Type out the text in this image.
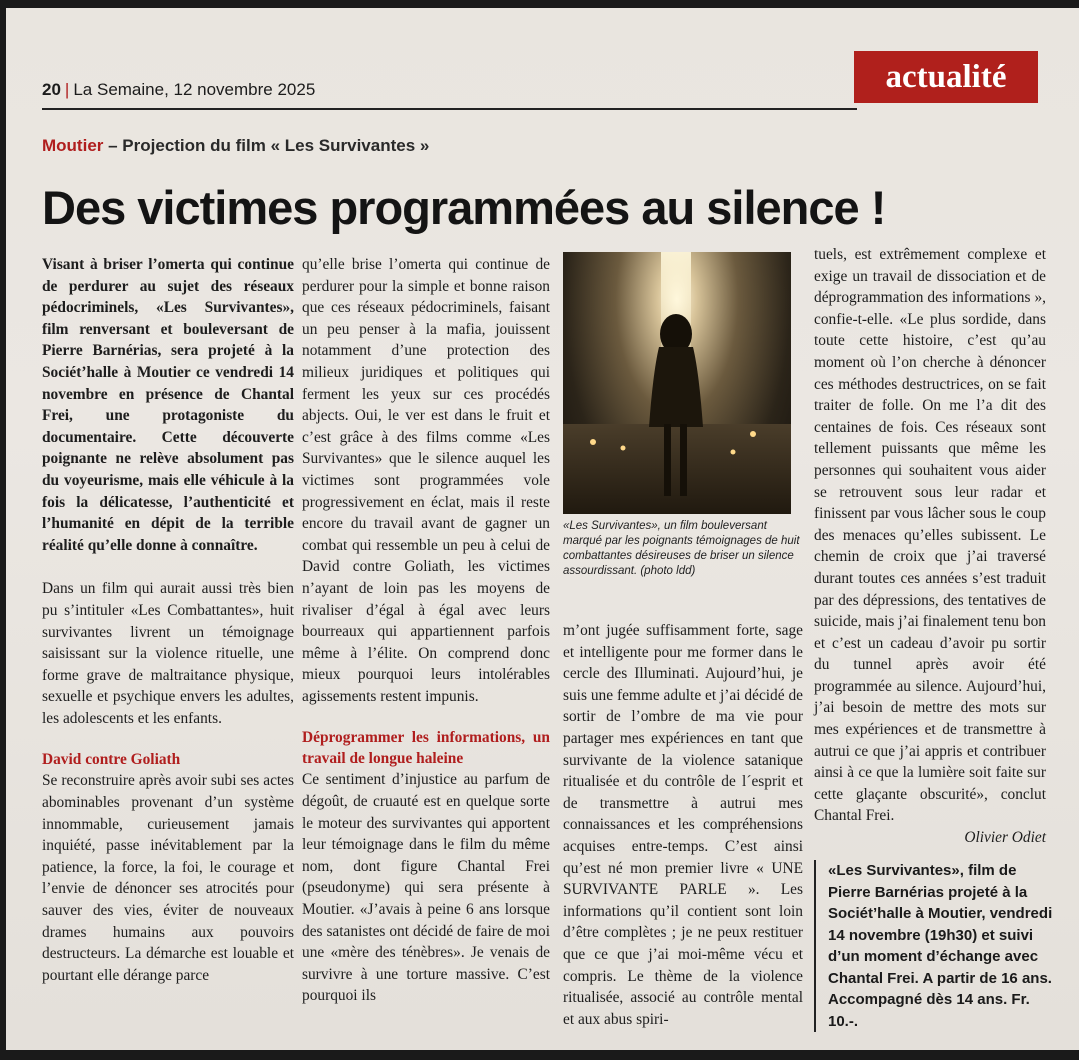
20 | La Semaine, 12 novembre 2025	actualité
Moutier – Projection du film « Les Survivantes »
Des victimes programmées au silence !

Visant à briser l’omerta qui continue de perdurer au sujet des réseaux pédocriminels, «Les Survivantes», film renversant et bouleversant de Pierre Barnérias, sera projeté à la Sociét’halle à Moutier ce vendredi 14 novembre en présence de Chantal Frei, une protagoniste du documentaire. Cette découverte poignante ne relève absolument pas du voyeurisme, mais elle véhicule à la fois la délicatesse, l’authenticité et l’humanité en dépit de la terrible réalité qu’elle donne à connaître.

Dans un film qui aurait aussi très bien pu s’intituler «Les Combattantes», huit survivantes livrent un témoignage saisissant sur la violence rituelle, une forme grave de maltraitance physique, sexuelle et psychique envers les adultes, les adolescents et les enfants.

David contre Goliath

Se reconstruire après avoir subi ses actes abominables provenant d’un système innommable, curieusement jamais inquiété, passe inévitablement par la patience, la force, la foi, le courage et l’envie de dénoncer ses atrocités pour sauver des vies, éviter de nouveaux drames humains aux pouvoirs destructeurs. La démarche est louable et pourtant elle dérange parce

qu’elle brise l’omerta qui continue de perdurer pour la simple et bonne raison que ces réseaux pédocriminels, faisant un peu penser à la mafia, jouissent notamment d’une protection des milieux juridiques et politiques qui ferment les yeux sur ces procédés abjects. Oui, le ver est dans le fruit et c’est grâce à des films comme «Les Survivantes» que le silence auquel les victimes sont programmées vole progressivement en éclat, mais il reste encore du travail avant de gagner un combat qui ressemble un peu à celui de David contre Goliath, les victimes n’ayant de loin pas les moyens de rivaliser d’égal à égal avec leurs bourreaux qui appartiennent parfois même à l’élite. On comprend donc mieux pourquoi leurs intolérables agissements restent impunis.

Déprogrammer les informations, un travail de longue haleine

Ce sentiment d’injustice au parfum de dégoût, de cruauté est en quelque sorte le moteur des survivantes qui apportent leur témoignage dans le film du même nom, dont figure Chantal Frei (pseudonyme) qui sera présente à Moutier. «J’avais à peine 6 ans lorsque des satanistes ont décidé de faire de moi une «mère des ténèbres». Je venais de survivre à une torture massive. C’est pourquoi ils

«Les Survivantes», un film bouleversant marqué par les poignants témoignages de huit combattantes désireuses de briser un silence assourdissant. (photo ldd)

m’ont jugée suffisamment forte, sage et intelligente pour me former dans le cercle des Illuminati. Aujourd’hui, je suis une femme adulte et j’ai décidé de sortir de l’ombre de ma vie pour partager mes expériences en tant que survivante de la violence satanique ritualisée et du contrôle de l´esprit et de transmettre à autrui mes connaissances et les compréhensions acquises entre-temps. C’est ainsi qu’est né mon premier livre « UNE SURVIVANTE PARLE ». Les informations qu’il contient sont loin d’être complètes ; je ne peux restituer que ce que j’ai moi-même vécu et compris. Le thème de la violence ritualisée, associé au contrôle mental et aux abus spiri-

tuels, est extrêmement complexe et exige un travail de dissociation et de déprogrammation des informations », confie-t-elle. «Le plus sordide, dans toute cette histoire, c’est qu’au moment où l’on cherche à dénoncer ces méthodes destructrices, on se fait traiter de folle. On me l’a dit des centaines de fois. Ces réseaux sont tellement puissants que même les personnes qui souhaitent vous aider se retrouvent sous leur radar et finissent par vous lâcher sous le coup des menaces qu’elles subissent. Le chemin de croix que j’ai traversé durant toutes ces années s’est traduit par des dépressions, des tentatives de suicide, mais j’ai finalement tenu bon et c’est un cadeau d’avoir pu sortir du tunnel après avoir été programmée au silence. Aujourd’hui, j’ai besoin de mettre des mots sur mes expériences et de transmettre à autrui ce que j’ai appris et contribuer ainsi à ce que la lumière soit faite sur cette glaçante obscurité», conclut Chantal Frei.

Olivier Odiet

«Les Survivantes», film de Pierre Barnérias projeté à la Sociét’halle à Moutier, vendredi 14 novembre (19h30) et suivi d’un moment d’échange avec Chantal Frei. A partir de 16 ans. Accompagné dès 14 ans. Fr. 10.-.
